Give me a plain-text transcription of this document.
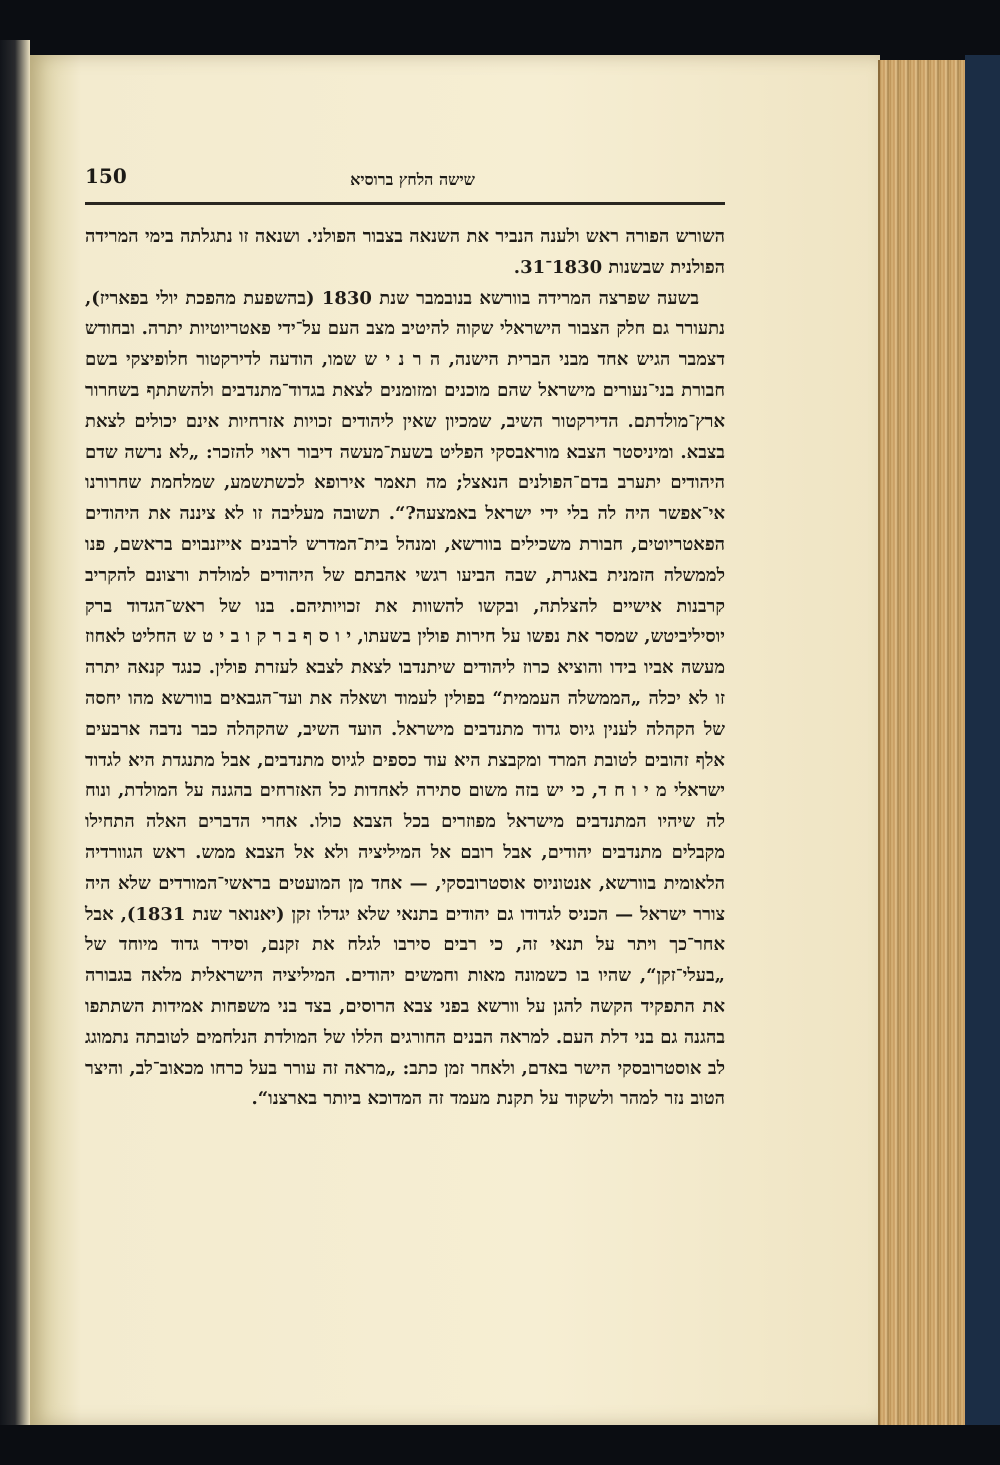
150	שישה הלחץ ברוסיא

השורש הפורה ראש ולענה הנביר את השנאה בצבור הפולני. ושנאה זו נתגלתה בימי המרידה הפולנית שבשנות 1830־31.

בשעה שפרצה המרידה בוורשא בנובמבר שנת 1830 (בהשפעת מהפכת יולי בפאריז), נתעורר גם חלק הצבור הישראלי שקוה להיטיב מצב העם על־ידי פאטריוטיות יתרה. ובחודש דצמבר הגיש אחד מבני הברית הישנה, ה ר נ י ש שמו, הודעה לדירקטור חלופיצקי בשם חבורת בני־נעורים מישראל שהם מוכנים ומזומנים לצאת בגדוד־מתנדבים ולהשתתף בשחרור ארץ־מולדתם. הדירקטור השיב, שמכיון שאין ליהודים זכויות אזרחיות אינם יכולים לצאת בצבא. ומיניסטר הצבא מוראבסקי הפליט בשעת־מעשה דיבור ראוי להזכר: „לא נרשה שדם היהודים יתערב בדם־הפולנים הנאצל; מה תאמר אירופא לכשתשמע, שמלחמת שחרורנו אי־אפשר היה לה בלי ידי ישראל באמצעה?“. תשובה מעליבה זו לא ציננה את היהודים הפאטריוטים, חבורת משכילים בוורשא, ומנהל בית־המדרש לרבנים אייזנבוים בראשם, פנו לממשלה הזמנית באגרת, שבה הביעו רגשי אהבתם של היהודים למולדת ורצונם להקריב קרבנות אישיים להצלתה, ובקשו להשוות את זכויותיהם. בנו של ראש־הגדוד ברק יוסיליביטש, שמסר את נפשו על חירות פולין בשעתו, י ו ס ף ב ר ק ו ב י ט ש החליט לאחוז מעשה אביו בידו והוציא כרוז ליהודים שיתנדבו לצאת לצבא לעזרת פולין. כנגד קנאה יתרה זו לא יכלה „הממשלה העממית“ בפולין לעמוד ושאלה את ועד־הגבאים בוורשא מהו יחסה של הקהלה לענין גיוס גדוד מתנדבים מישראל. הועד השיב, שהקהלה כבר נדבה ארבעים אלף זהובים לטובת המרד ומקבצת היא עוד כספים לגיוס מתנדבים, אבל מתנגדת היא לגדוד ישראלי מ י ו ח ד, כי יש בזה משום סתירה לאחדות כל האזרחים בהגנה על המולדת, ונוח לה שיהיו המתנדבים מישראל מפוזרים בכל הצבא כולו. אחרי הדברים האלה התחילו מקבלים מתנדבים יהודים, אבל רובם אל המיליציה ולא אל הצבא ממש. ראש הגוורדיה הלאומית בוורשא, אנטוניוס אוסטרובסקי, — אחד מן המועטים בראשי־המורדים שלא היה צורר ישראל — הכניס לגדודו גם יהודים בתנאי שלא יגדלו זקן (יאנואר שנת 1831), אבל אחר־כך ויתר על תנאי זה, כי רבים סירבו לגלח את זקנם, וסידר גדוד מיוחד של „בעלי־זקן“, שהיו בו כשמונה מאות וחמשים יהודים. המיליציה הישראלית מלאה בגבורה את התפקיד הקשה להגן על וורשא בפני צבא הרוסים, בצד בני משפחות אמידות השתתפו בהגנה גם בני דלת העם. למראה הבנים החורגים הללו של המולדת הנלחמים לטובתה נתמוגג לב אוסטרובסקי הישר באדם, ולאחר זמן כתב: „מראה זה עורר בעל כרחו מכאוב־לב, והיצר הטוב נזר למהר ולשקוד על תקנת מעמד זה המדוכא ביותר בארצנו“.
